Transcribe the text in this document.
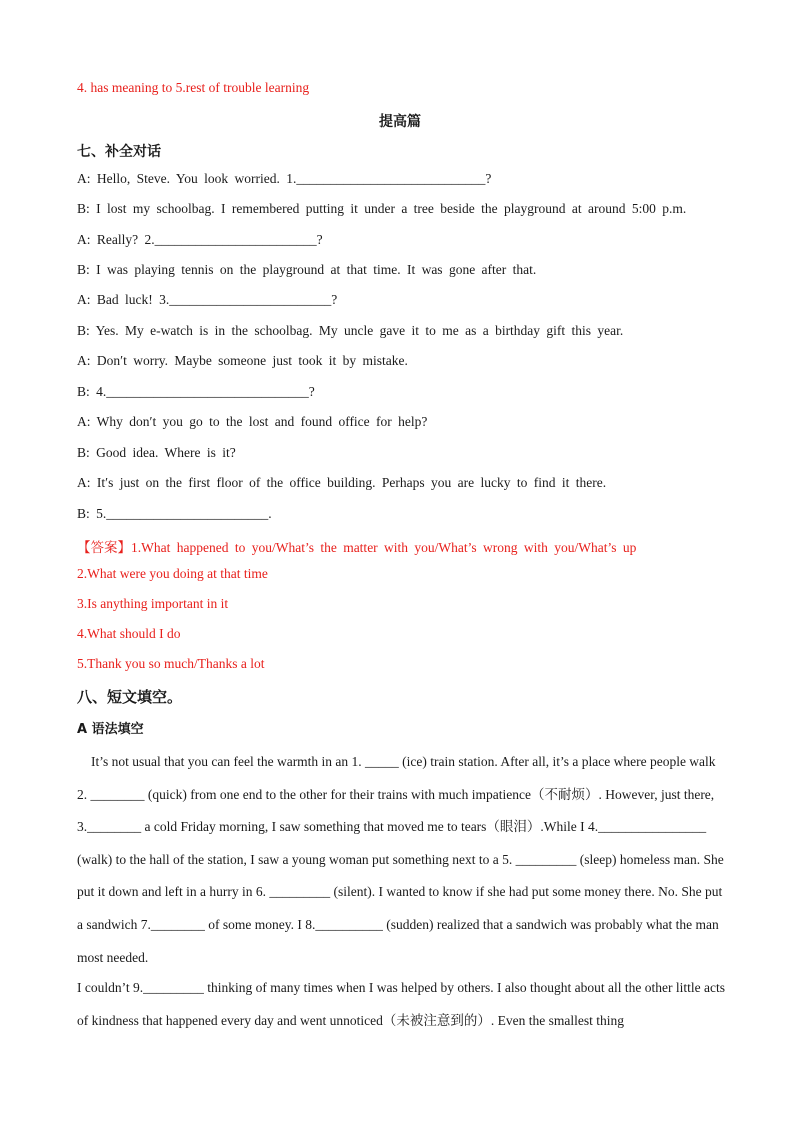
4. has meaning to 5.rest of trouble learning
提高篇
七、补全对话
A: Hello, Steve. You look worried. 1.____________________________?
B: I lost my schoolbag. I remembered putting it under a tree beside the playground at around 5:00 p.m.
A: Really? 2.________________________?
B: I was playing tennis on the playground at that time. It was gone after that.
A: Bad luck! 3.________________________?
B: Yes. My e-watch is in the schoolbag. My uncle gave it to me as a birthday gift this year.
A: Don′t worry. Maybe someone just took it by mistake.
B: 4.______________________________?
A: Why don′t you go to the lost and found office for help?
B: Good idea. Where is it?
A: It′s just on the first floor of the office building. Perhaps you are lucky to find it there.
B: 5.________________________.
【答案】1.What happened to you/What’s the matter with you/What’s wrong with you/What’s up
2.What were you doing at that time
3.Is anything important in it
4.What should I do
5.Thank you so much/Thanks a lot
八、短文填空。
A 语法填空
It’s not usual that you can feel the warmth in an 1. _____ (ice) train station. After all, it’s a place where people walk 2. ________ (quick) from one end to the other for their trains with much impatience（不耐烦）. However, just there, 3.________ a cold Friday morning, I saw something that moved me to tears（眼泪）.While I 4.________________ (walk) to the hall of the station, I saw a young woman put something next to a 5. _________ (sleep) homeless man. She put it down and left in a hurry in 6. _________ (silent). I wanted to know if she had put some money there. No. She put a sandwich 7.________ of some money. I 8.__________ (sudden) realized that a sandwich was probably what the man most needed.
I couldn’t 9._________ thinking of many times when I was helped by others. I also thought about all the other little acts of kindness that happened every day and went unnoticed（未被注意到的）. Even the smallest thing
